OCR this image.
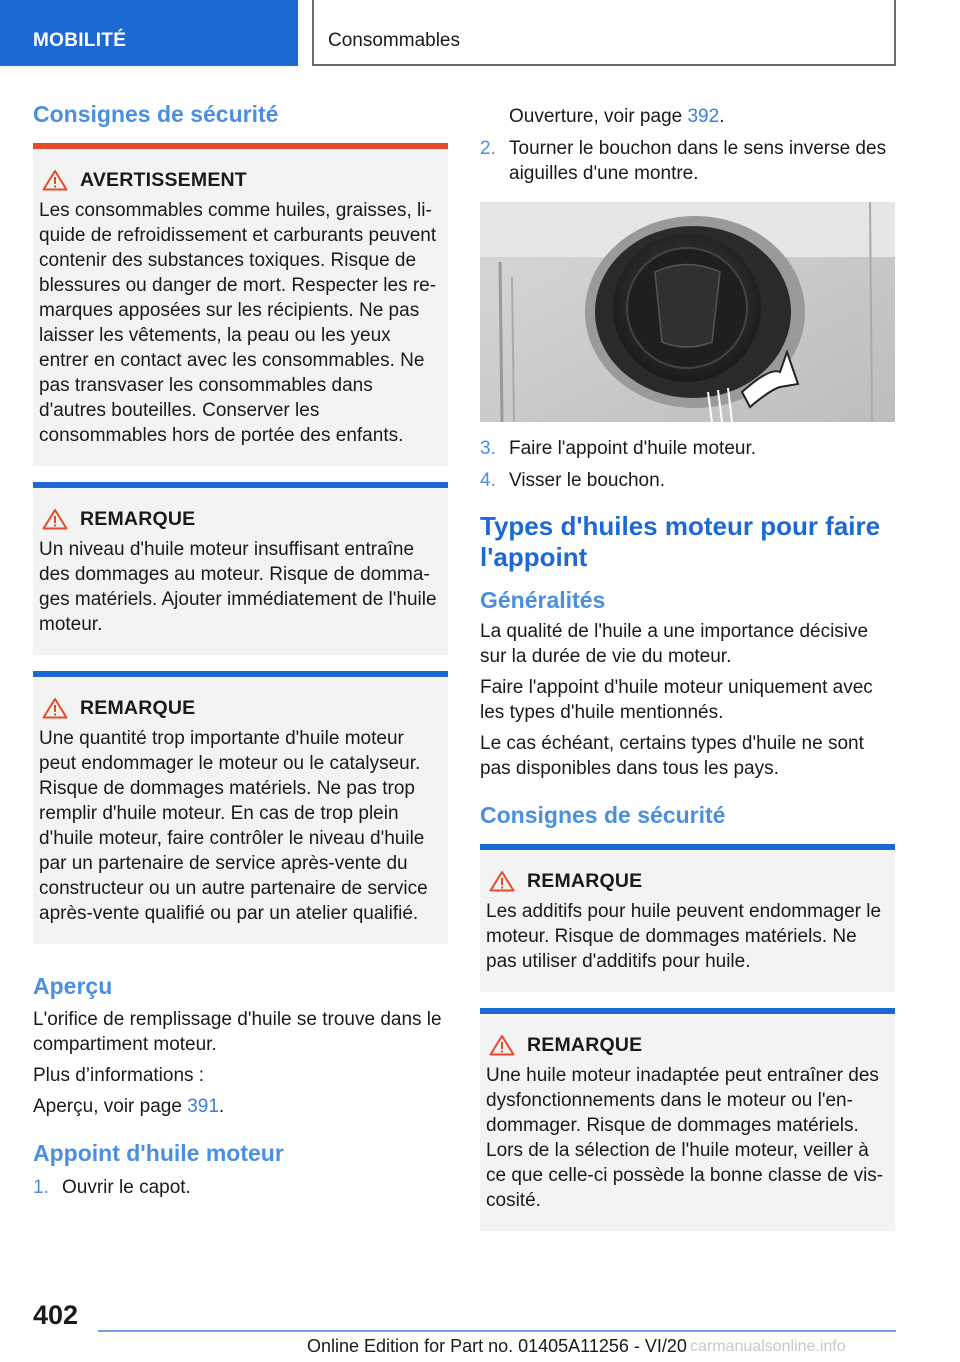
MOBILITÉ	Consommables
Consignes de sécurité
AVERTISSEMENT

Les consommables comme huiles, graisses, liquide de refroidissement et carburants peuvent contenir des substances toxiques. Risque de blessures ou danger de mort. Respecter les remarques apposées sur les récipients. Ne pas laisser les vêtements, la peau ou les yeux entrer en contact avec les consommables. Ne pas transvaser les consommables dans d'autres bouteilles. Conserver les consommables hors de portée des enfants.

REMARQUE

Un niveau d'huile moteur insuffisant entraîne des dommages au moteur. Risque de dommages matériels. Ajouter immédiatement de l'huile moteur.

REMARQUE

Une quantité trop importante d'huile moteur peut endommager le moteur ou le catalyseur. Risque de dommages matériels. Ne pas trop remplir d'huile moteur. En cas de trop plein d'huile moteur, faire contrôler le niveau d'huile par un partenaire de service après-vente du constructeur ou un autre partenaire de service après-vente qualifié ou par un atelier qualifié.

Aperçu

L'orifice de remplissage d'huile se trouve dans le compartiment moteur.

Plus d’informations :

Aperçu, voir page 391.

Appoint d'huile moteur
1. Ouvrir le capot.
Ouverture, voir page 392.
2. Tourner le bouchon dans le sens inverse des aiguilles d'une montre.
3. Faire l'appoint d'huile moteur.
4. Visser le bouchon.
Types d'huiles moteur pour faire l'appoint
Généralités

La qualité de l'huile a une importance décisive sur la durée de vie du moteur.

Faire l'appoint d'huile moteur uniquement avec les types d'huile mentionnés.

Le cas échéant, certains types d'huile ne sont pas disponibles dans tous les pays.

Consignes de sécurité
REMARQUE

Les additifs pour huile peuvent endommager le moteur. Risque de dommages matériels. Ne pas utiliser d'additifs pour huile.

REMARQUE

Une huile moteur inadaptée peut entraîner des dysfonctionnements dans le moteur ou l'endommager. Risque de dommages matériels. Lors de la sélection de l'huile moteur, veiller à ce que celle-ci possède la bonne classe de viscosité.

402
Online Edition for Part no. 01405A11256 - VI/20 carmanualsonline.info
